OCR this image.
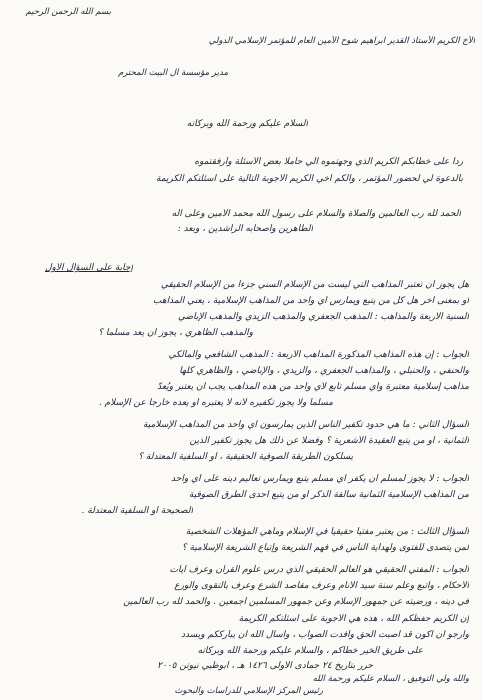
بسم الله الرحمن الرحيم
الأخ الكريم الأستاذ القدير ابراهيم شوح الأمين العام للمؤتمر الإسلامي الدولي
مدير مؤسسة آل البيت المحترم
السلام عليكم ورحمة الله وبركاته
ردا على خطابكم الكريم الذي وجهتموه الي حاملا بعض الأسئلة وأرفقتموه
بالدعوة لي لحضور المؤتمر ، والكم أخي الكريم الأجوبة التالية على أسئلتكم الكريمة
الحمد لله رب العالمين والصلاة والسلام على رسول الله محمد الأمين وعلى آله
الطاهرين وأصحابه الراشدين ، وبعد :
إجابة على السؤال الأول
هل يجوز أن تعتبر المذاهب التي ليست من الإسلام السني جزءا من الإسلام الحقيقي
أو بمعنى آخر هل كل من يتبع ويمارس أي واحد من المذاهب الإسلامية ، يعني المذاهب
السنية الأربعة والمذاهب : المذهب الجعفري والمذهب الزيدي والمذهب الإباضي
والمذهب الظاهري ، يجوز أن يعد مسلما ؟
الجواب : إن هذه المذاهب المذكورة المذاهب الأربعة : المذهب الشافعي والمالكي
والحنفي ، والحنبلي ، والمذاهب الجعفري ، والزيدي ، والإباضي ، والظاهري كلها
مذاهب إسلامية معتبرة وأي مسلم تابع لأي واحد من هذه المذاهب يجب أن يعتبر ويُعدّ
مسلماً ولا يجوز تكفيره لأنه لا يعتبره أو يعده خارجاً عن الإسلام .
السؤال الثاني : ما هي حدود تكفير الناس الذين يمارسون أي واحد من المذاهب الإسلامية
الثمانية ، أو من يتبع العقيدة الأشعرية ؟ وفضلا عن ذلك هل يجوز تكفير الذين
يسلكون الطريقة الصوفية الحقيقية ، أو السلفية المعتدلة ؟
الجواب : لا يجوز لمسلم أن يكفر أي مسلم يتبع ويمارس تعاليم دينه على أي واحد
من المذاهب الإسلامية الثمانية سالفة الذكر أو من يتبع احدى الطرق الصوفية
الصحيحة أو السلفية المعتدلة .
السؤال الثالث : من يعتبر مفتياً حقيقياً في الإسلام وماهي المؤهلات الشخصية
لمن يتصدى للفتوى ولهداية الناس في فهم الشريعة وإتباع الشريعة الإسلامية ؟
الجواب : المفتي الحقيقي هو العالم الحقيقي الذي درس علوم القرآن وعرف آيات
الأحكام ، واتبع وعلم سنة سيد الأنام وعرف مقاصد الشرع وعرف بالتقوى والورع
في دينه ، ورضيته عن جمهور الإسلام وعن جمهور المسلمين أجمعين . والحمد لله رب العالمين
إن الكريم حفظكم الله ، هذه هي الأجوبة على أسئلتكم الكريمة
وأرجو أن أكون قد أصبت الحق وأفدت الصواب ، وأسأل الله أن يبارككم ويسدد
على طريق الخير خطاكم ، والسلام عليكم ورحمة الله وبركاته
حرر بتاريخ ٢٤ جمادى الأولى ١٤٢٦ هـ ، ابوظبي نيوتن ٢٠٠٥
والله ولي التوفيق ، السلام عليكم ورحمة الله
رئيس المركز الإسلامي للدراسات والبحوث
